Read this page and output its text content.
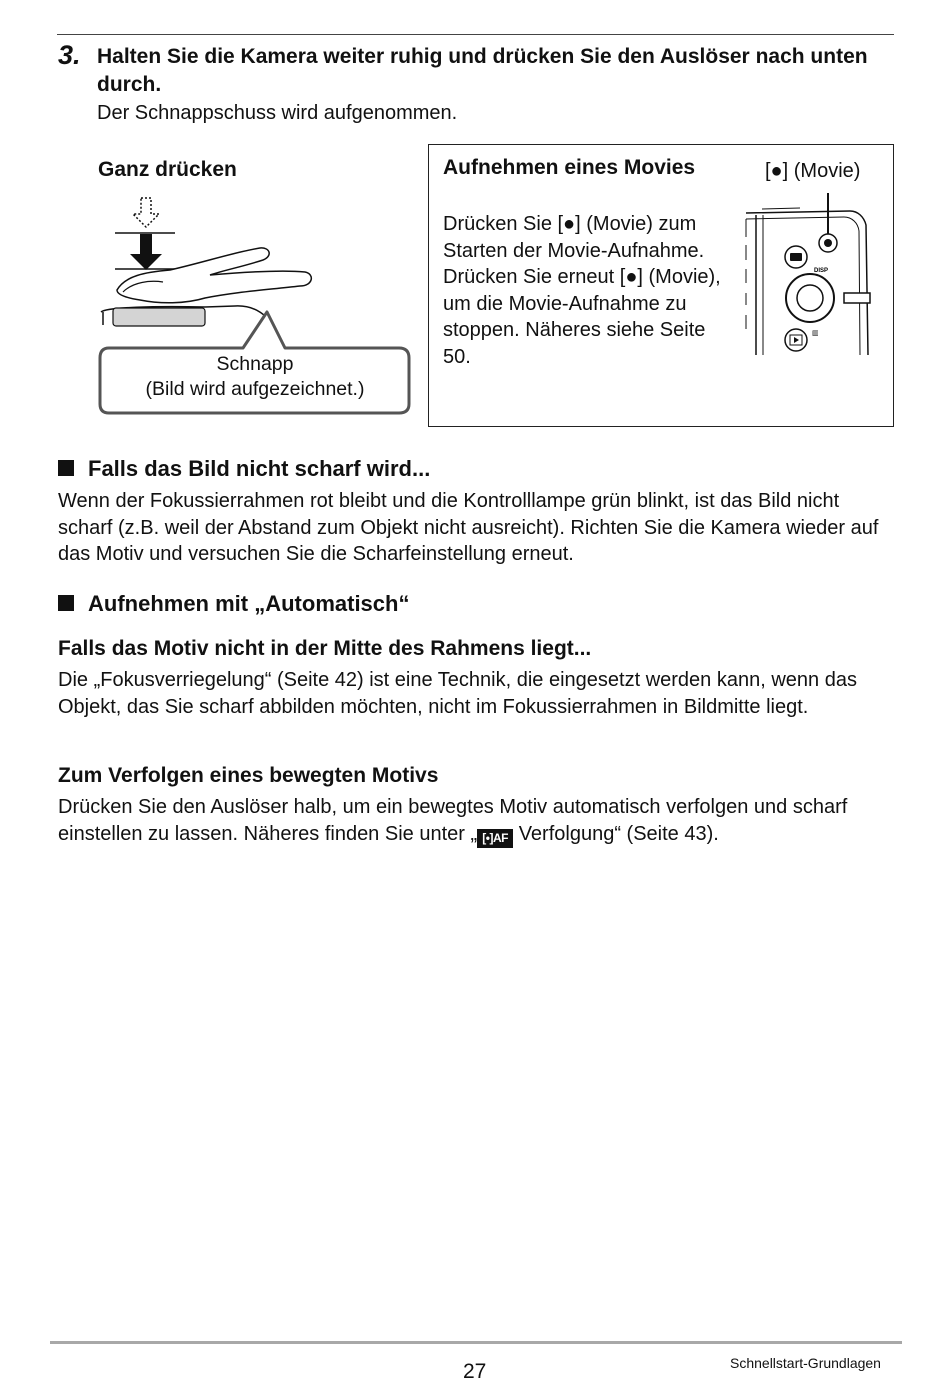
3. Halten Sie die Kamera weiter ruhig und drücken Sie den Auslöser nach unten durch.
Der Schnappschuss wird aufgenommen.
Ganz drücken
Schnapp
(Bild wird aufgezeichnet.)
Aufnehmen eines Movies
Drücken Sie [●] (Movie) zum Starten der Movie-Aufnahme. Drücken Sie erneut [●] (Movie), um die Movie-Aufnahme zu stoppen. Näheres siehe Seite 50.
[●] (Movie)
DISP
▥
Falls das Bild nicht scharf wird...
Wenn der Fokussierrahmen rot bleibt und die Kontrolllampe grün blinkt, ist das Bild nicht scharf (z.B. weil der Abstand zum Objekt nicht ausreicht). Richten Sie die Kamera wieder auf das Motiv und versuchen Sie die Scharfeinstellung erneut.
Aufnehmen mit „Automatisch“
Falls das Motiv nicht in der Mitte des Rahmens liegt...
Die „Fokusverriegelung“ (Seite 42) ist eine Technik, die eingesetzt werden kann, wenn das Objekt, das Sie scharf abbilden möchten, nicht im Fokussierrahmen in Bildmitte liegt.
Zum Verfolgen eines bewegten Motivs
Drücken Sie den Auslöser halb, um ein bewegtes Motiv automatisch verfolgen und scharf einstellen zu lassen. Näheres finden Sie unter „ [•]AF Verfolgung“ (Seite 43).
27	Schnellstart-Grundlagen
